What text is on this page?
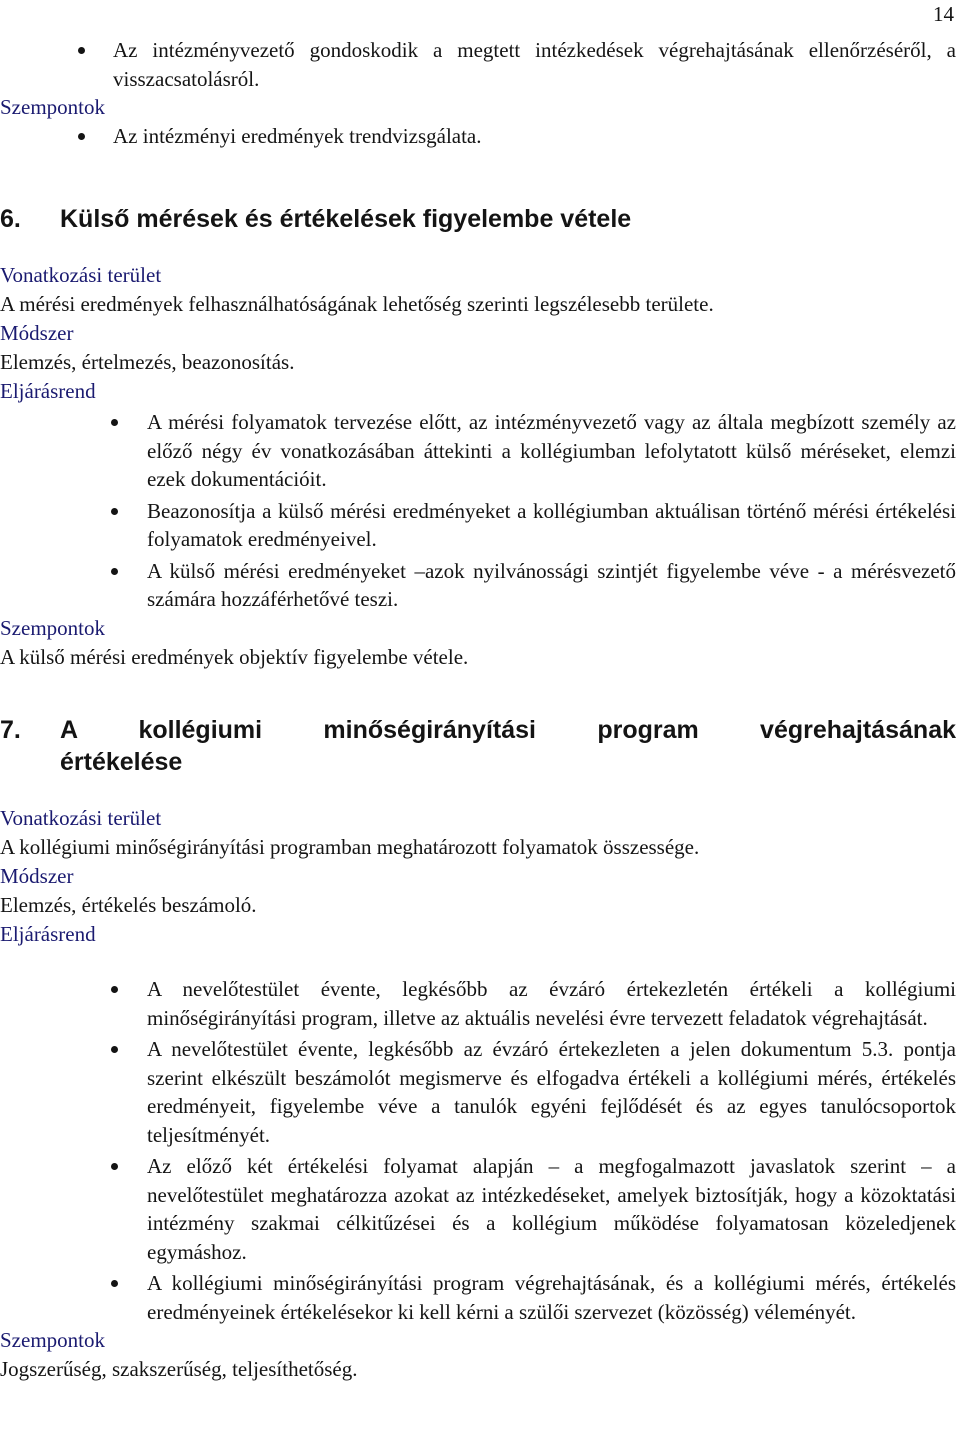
14
Az intézményvezető gondoskodik a megtett intézkedések végrehajtásának ellenőrzéséről, a visszacsatolásról.
Szempontok
Az intézményi eredmények trendvizsgálata.
6. Külső mérések és értékelések figyelembe vétele
Vonatkozási terület
A mérési eredmények felhasználhatóságának lehetőség szerinti legszélesebb területe.
Módszer
Elemzés, értelmezés, beazonosítás.
Eljárásrend
A mérési folyamatok tervezése előtt, az intézményvezető vagy az általa megbízott személy az előző négy év vonatkozásában áttekinti a kollégiumban lefolytatott külső méréseket, elemzi ezek dokumentációit.
Beazonosítja a külső mérési eredményeket a kollégiumban aktuálisan történő mérési értékelési folyamatok eredményeivel.
A külső mérési eredményeket –azok nyilvánossági szintjét figyelembe véve - a mérésvezető számára hozzáférhetővé teszi.
Szempontok
A külső mérési eredmények objektív figyelembe vétele.
7.	A kollégiumi minőségirányítási program végrehajtásának
értékelése
Vonatkozási terület
A kollégiumi minőségirányítási programban meghatározott folyamatok összessége.
Módszer
Elemzés, értékelés beszámoló.
Eljárásrend
A nevelőtestület évente, legkésőbb az évzáró értekezletén értékeli a kollégiumi minőségirányítási program, illetve az aktuális nevelési évre tervezett feladatok végrehajtását.
A nevelőtestület évente, legkésőbb az évzáró értekezleten a jelen dokumentum 5.3. pontja szerint elkészült beszámolót megismerve és elfogadva értékeli a kollégiumi mérés, értékelés eredményeit, figyelembe véve a tanulók egyéni fejlődését és az egyes tanulócsoportok teljesítményét.
Az előző két értékelési folyamat alapján – a megfogalmazott javaslatok szerint – a nevelőtestület meghatározza azokat az intézkedéseket, amelyek biztosítják, hogy a közoktatási intézmény szakmai célkitűzései és a kollégium működése folyamatosan közeledjenek egymáshoz.
A kollégiumi minőségirányítási program végrehajtásának, és a kollégiumi mérés, értékelés eredményeinek értékelésekor ki kell kérni a szülői szervezet (közösség) véleményét.
Szempontok
Jogszerűség, szakszerűség, teljesíthetőség.
